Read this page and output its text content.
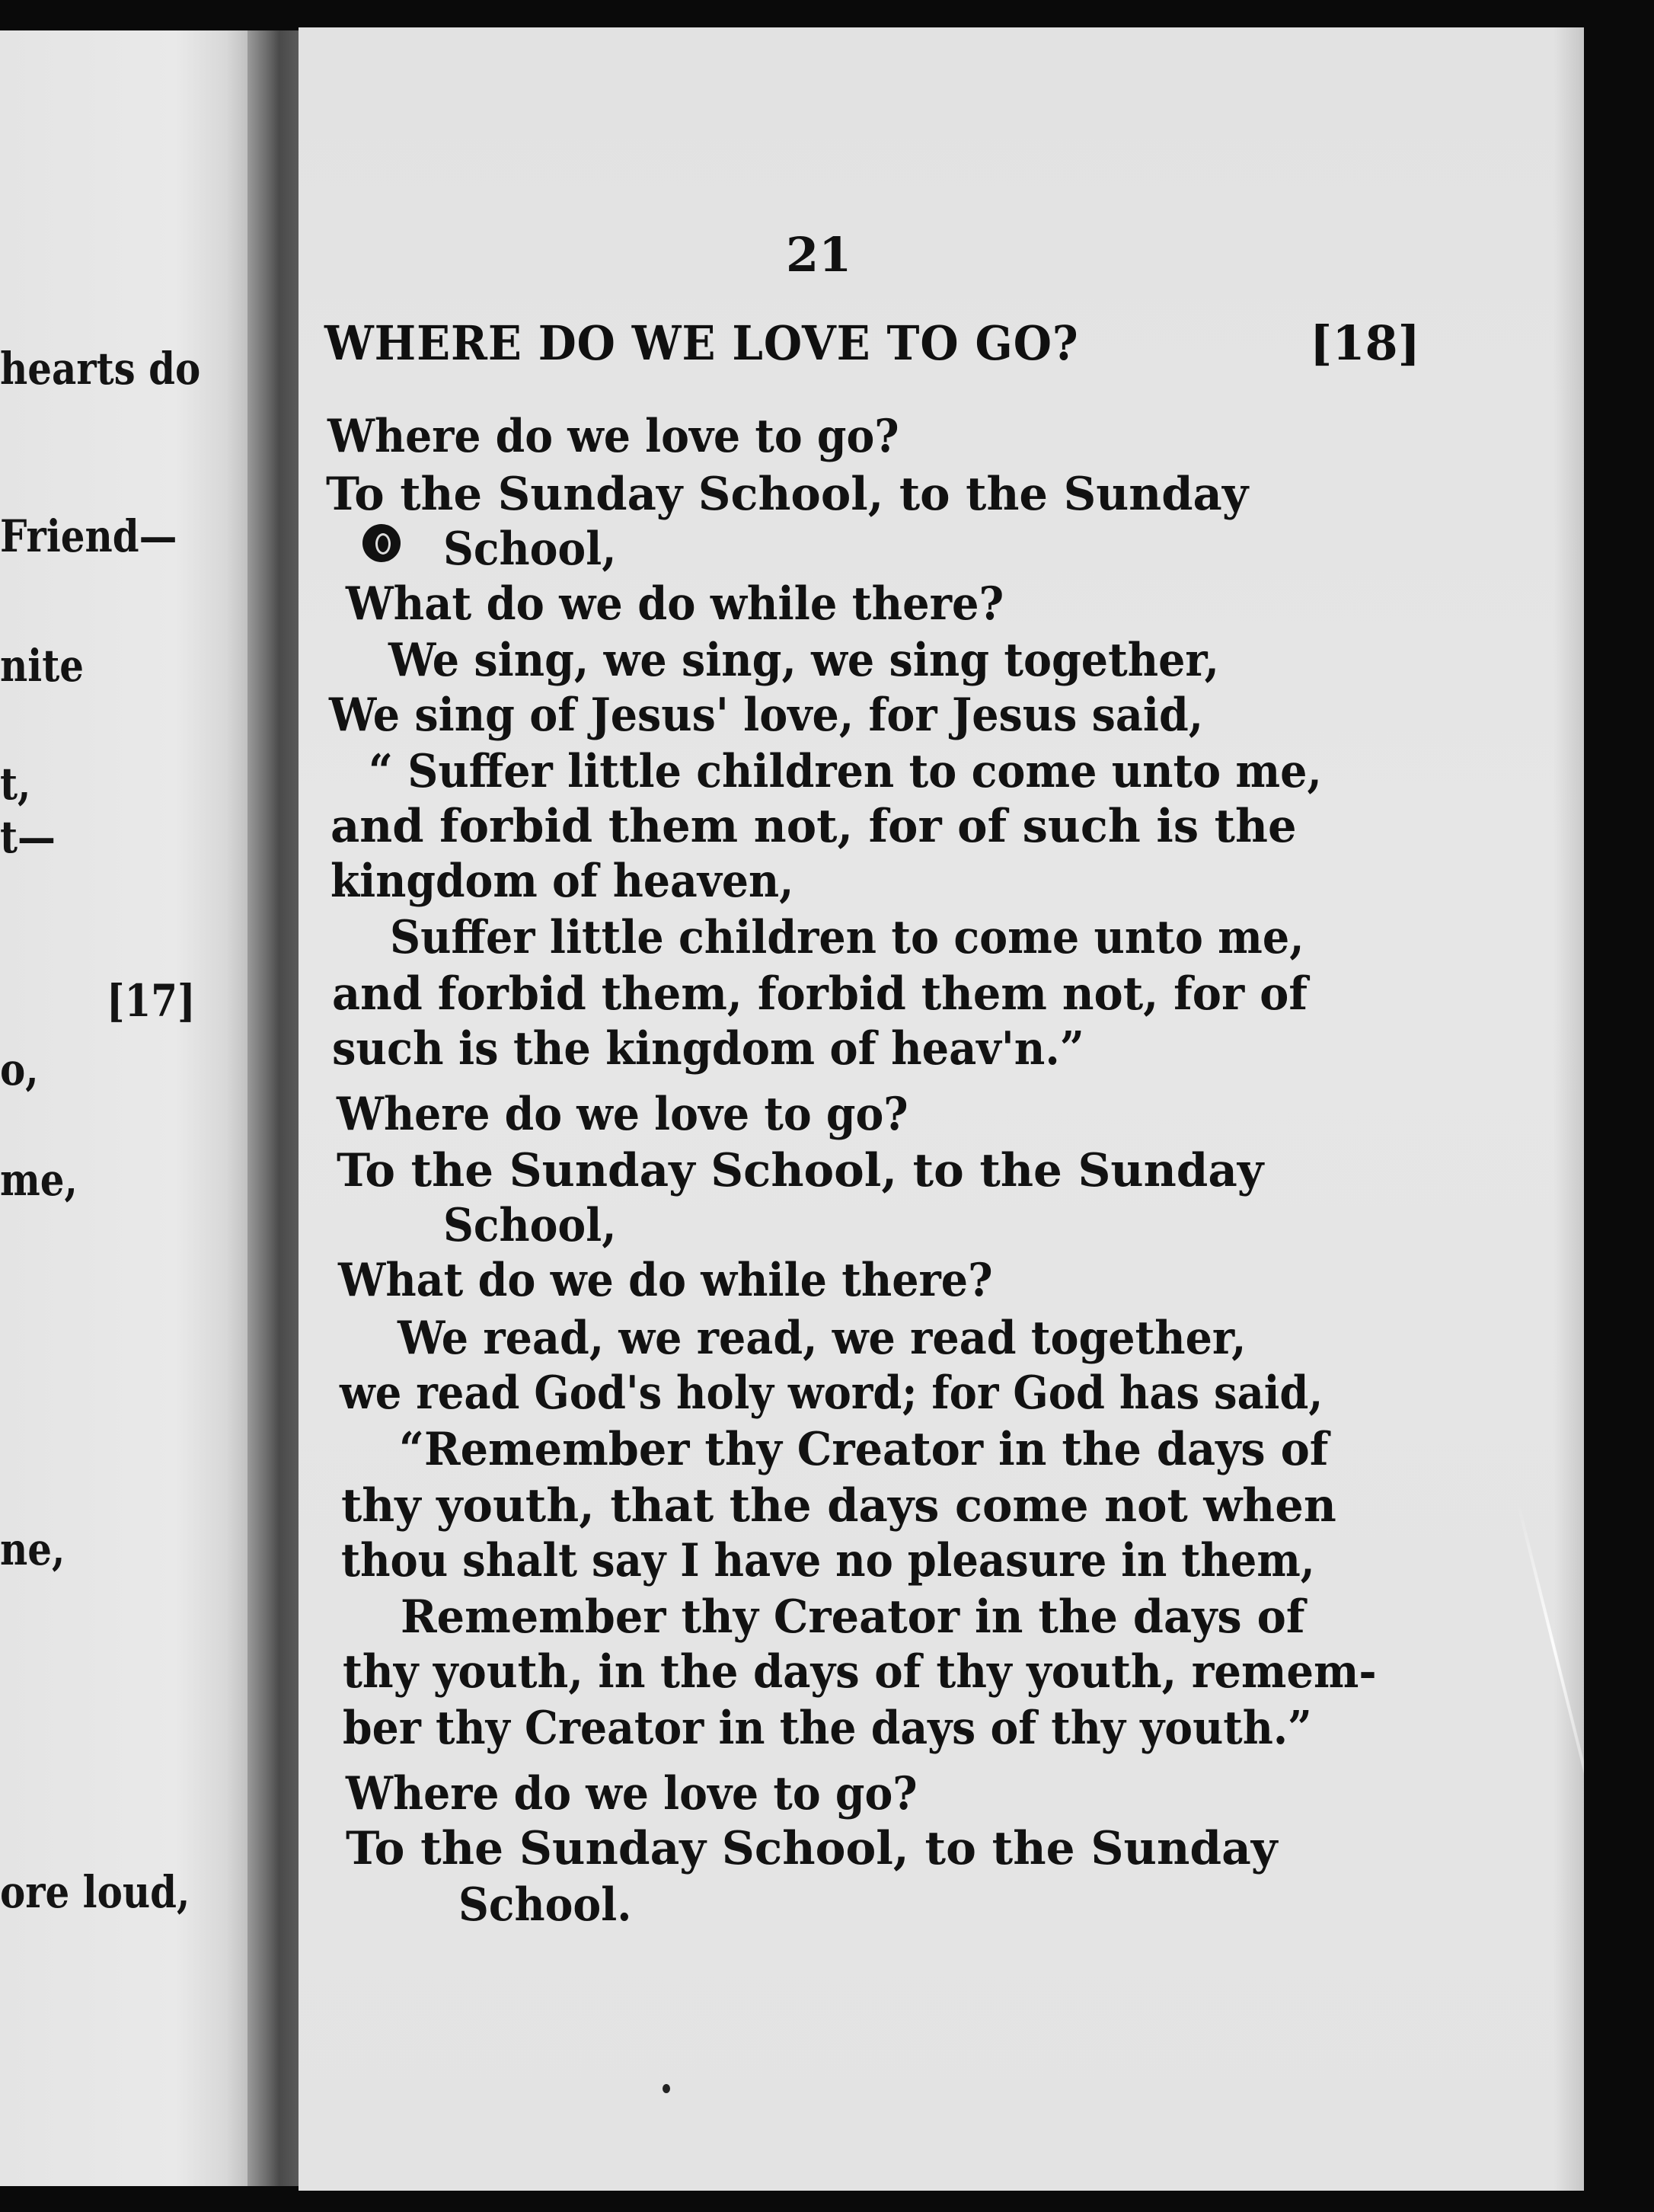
hearts do

Friend—

nite

t,

t—

[17]

o,

me,

ne,

ore loud,

21

WHERE DO WE LOVE TO GO?	[18]

Where do we love to go?

To the Sunday School, to the Sunday

School,

What do we do while there?

We sing, we sing, we sing together,

We sing of Jesus' love, for Jesus said,

“ Suffer little children to come unto me,

and forbid them not, for of such is the

kingdom of heaven,

Suffer little children to come unto me,

and forbid them, forbid them not, for of

such is the kingdom of heav'n.”

Where do we love to go?

To the Sunday School, to the Sunday

School,

What do we do while there?

We read, we read, we read together,

we read God's holy word; for God has said,

“Remember thy Creator in the days of

thy youth, that the days come not when

thou shalt say I have no pleasure in them,

Remember thy Creator in the days of

thy youth, in the days of thy youth, remem-

ber thy Creator in the days of thy youth.”

Where do we love to go?

To the Sunday School, to the Sunday

School.
